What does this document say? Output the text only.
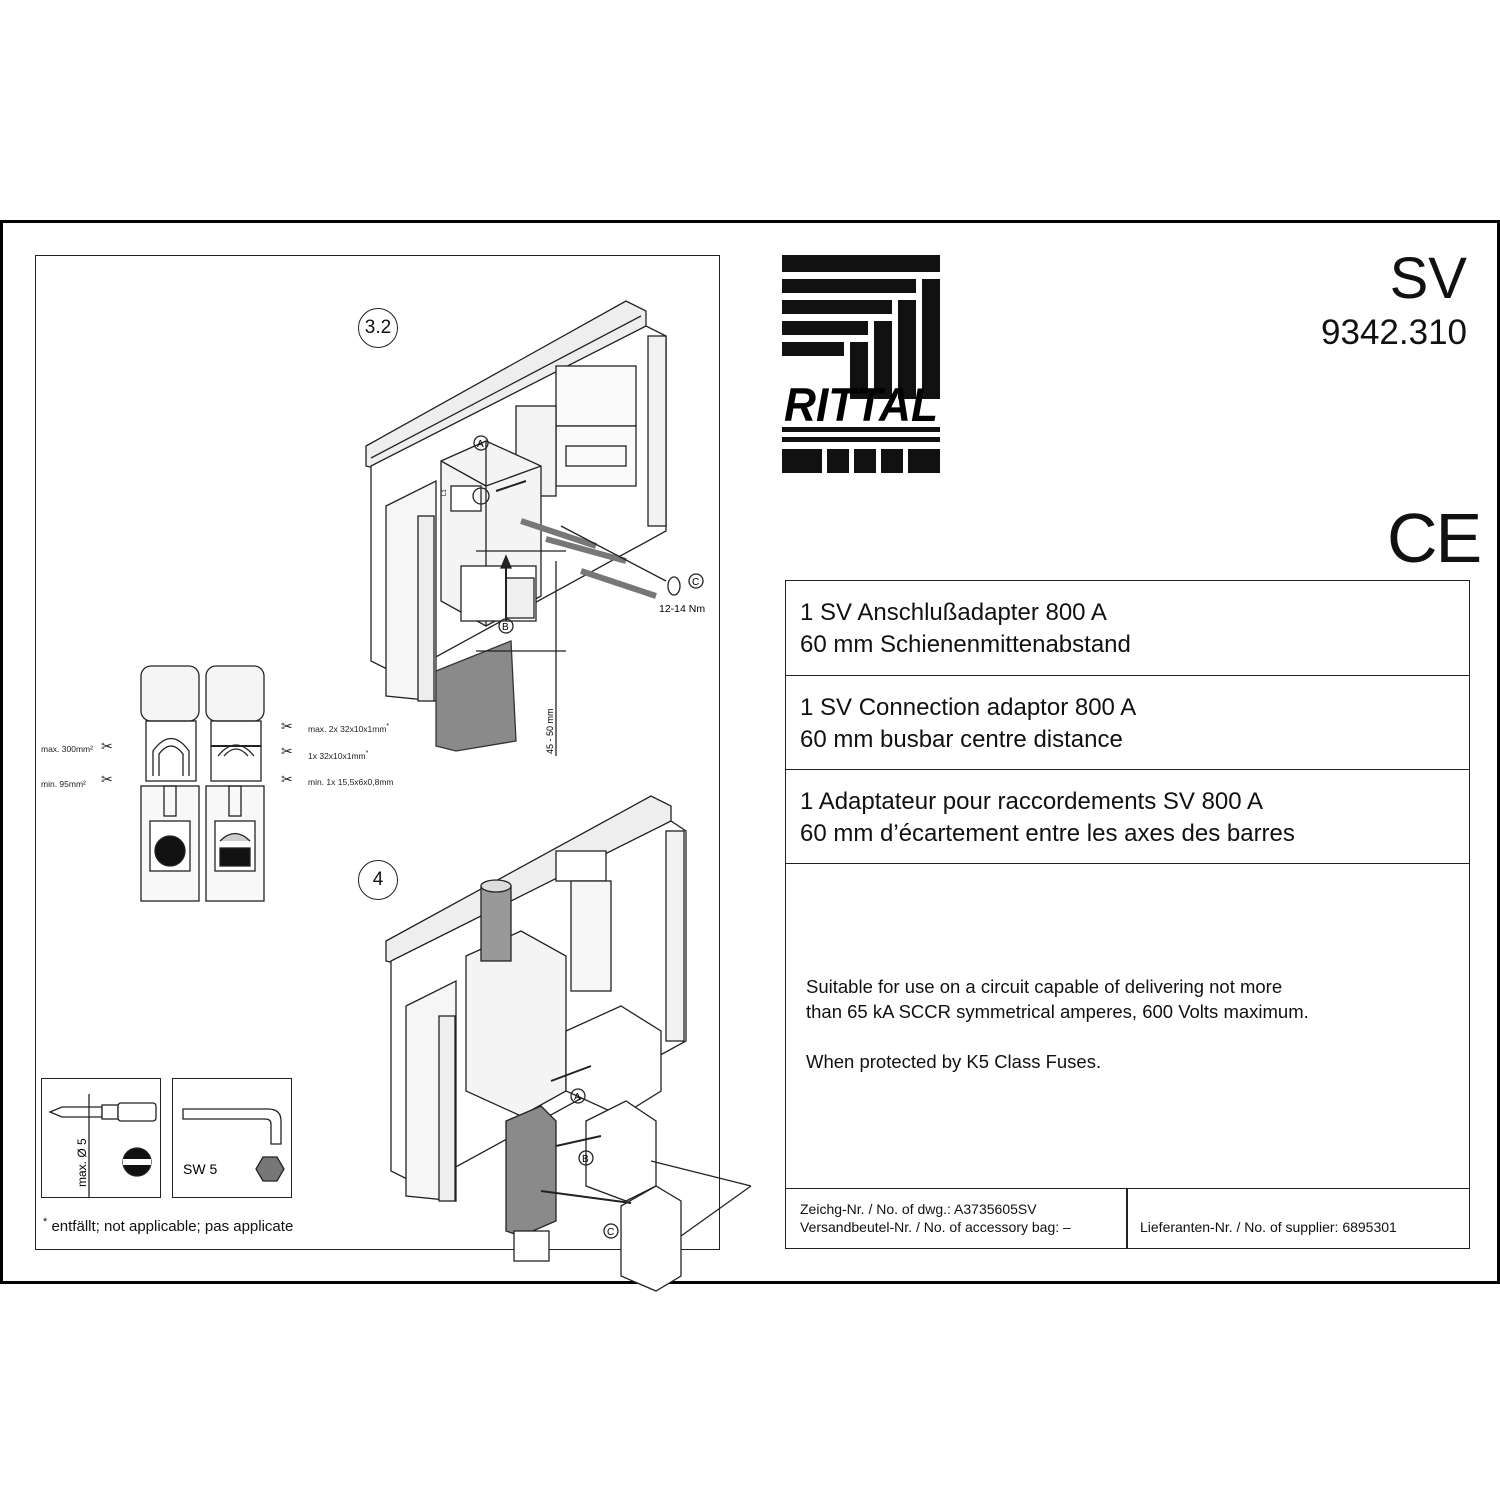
3.2
4
A
B
C
12-14 Nm
45 - 50 mm
L1
✂
✂
✂
✂
✂
max. 300mm²
min. 95mm²
max. 2x 32x10x1mm*
1x 32x10x1mm*
min. 1x 15,5x6x0,8mm
A
B
C
max. Ø 5	SW 5
* entfällt; not applicable; pas applicate
RITTAL
SV
9342.310
CE
1 SV Anschlußadapter 800 A
60 mm Schienenmittenabstand
1 SV Connection adaptor 800 A
60 mm busbar centre distance
1 Adaptateur pour raccordements SV 800 A
60 mm d’écartement entre les axes des barres
Suitable for use on a circuit capable of delivering not more
than 65 kA SCCR symmetrical amperes, 600 Volts maximum.
When protected by K5 Class Fuses.
Zeichg-Nr. / No. of dwg.: A3735605SV
Versandbeutel-Nr. / No. of accessory bag: –	Lieferanten-Nr. / No. of supplier: 6895301
